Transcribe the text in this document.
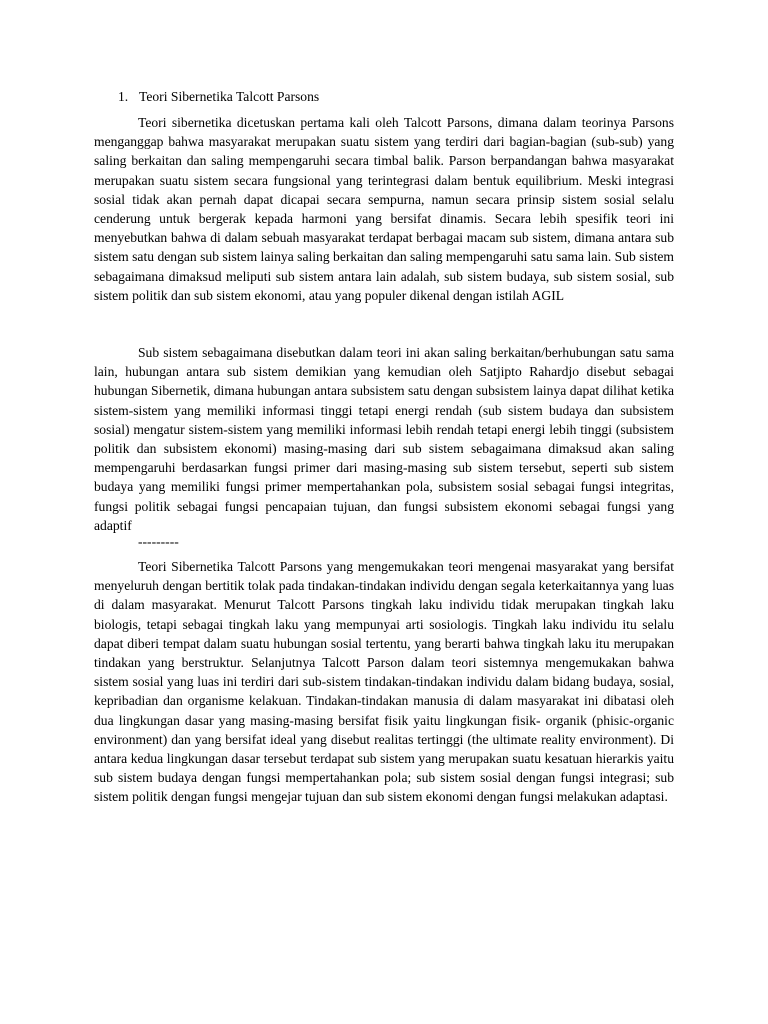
1. Teori Sibernetika Talcott Parsons

Teori sibernetika dicetuskan pertama kali oleh Talcott Parsons, dimana dalam teorinya Parsons menganggap bahwa masyarakat merupakan suatu sistem yang terdiri dari bagian-bagian (sub-sub) yang saling berkaitan dan saling mempengaruhi secara timbal balik. Parson berpandangan bahwa masyarakat merupakan suatu sistem secara fungsional yang terintegrasi dalam bentuk equilibrium. Meski integrasi sosial tidak akan pernah dapat dicapai secara sempurna, namun secara prinsip sistem sosial selalu cenderung untuk bergerak kepada harmoni yang bersifat dinamis. Secara lebih spesifik teori ini menyebutkan bahwa di dalam sebuah masyarakat terdapat berbagai macam sub sistem, dimana antara sub sistem satu dengan sub sistem lainya saling berkaitan dan saling mempengaruhi satu sama lain. Sub sistem sebagaimana dimaksud meliputi sub sistem antara lain adalah, sub sistem budaya, sub sistem sosial, sub sistem politik dan sub sistem ekonomi, atau yang populer dikenal dengan istilah AGIL

Sub sistem sebagaimana disebutkan dalam teori ini akan saling berkaitan/berhubungan satu sama lain, hubungan antara sub sistem demikian yang kemudian oleh Satjipto Rahardjo disebut sebagai hubungan Sibernetik, dimana hubungan antara subsistem satu dengan subsistem lainya dapat dilihat ketika sistem-sistem yang memiliki informasi tinggi tetapi energi rendah (sub sistem budaya dan subsistem sosial) mengatur sistem-sistem yang memiliki informasi lebih rendah tetapi energi lebih tinggi (subsistem politik dan subsistem ekonomi) masing-masing dari sub sistem sebagaimana dimaksud akan saling mempengaruhi berdasarkan fungsi primer dari masing-masing sub sistem tersebut, seperti sub sistem budaya yang memiliki fungsi primer mempertahankan pola, subsistem sosial sebagai fungsi integritas, fungsi politik sebagai fungsi pencapaian tujuan, dan fungsi subsistem ekonomi sebagai fungsi yang adaptif

---------

Teori Sibernetika Talcott Parsons yang mengemukakan teori mengenai masyarakat yang bersifat menyeluruh dengan bertitik tolak pada tindakan-tindakan individu dengan segala keterkaitannya yang luas di dalam masyarakat. Menurut Talcott Parsons tingkah laku individu tidak merupakan tingkah laku biologis, tetapi sebagai tingkah laku yang mempunyai arti sosiologis. Tingkah laku individu itu selalu dapat diberi tempat dalam suatu hubungan sosial tertentu, yang berarti bahwa tingkah laku itu merupakan tindakan yang berstruktur. Selanjutnya Talcott Parson dalam teori sistemnya mengemukakan bahwa sistem sosial yang luas ini terdiri dari sub-sistem tindakan-tindakan individu dalam bidang budaya, sosial, kepribadian dan organisme kelakuan. Tindakan-tindakan manusia di dalam masyarakat ini dibatasi oleh dua lingkungan dasar yang masing-masing bersifat fisik yaitu lingkungan fisik- organik (phisic-organic environment) dan yang bersifat ideal yang disebut realitas tertinggi (the ultimate reality environment). Di antara kedua lingkungan dasar tersebut terdapat sub sistem yang merupakan suatu kesatuan hierarkis yaitu sub sistem budaya dengan fungsi mempertahankan pola; sub sistem sosial dengan fungsi integrasi; sub sistem politik dengan fungsi mengejar tujuan dan sub sistem ekonomi dengan fungsi melakukan adaptasi.
